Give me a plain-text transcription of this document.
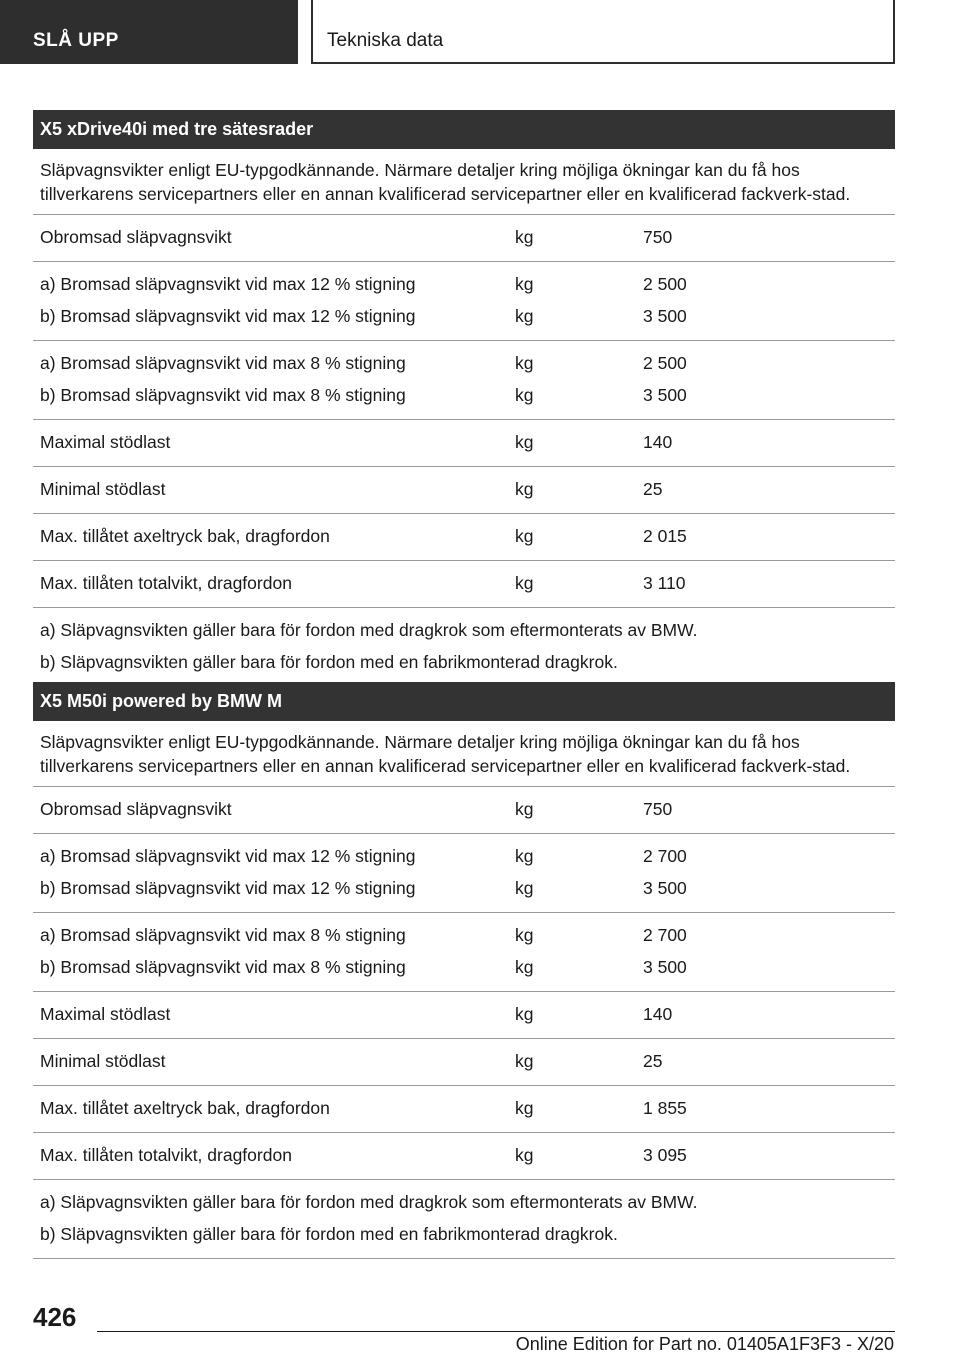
SLÅ UPP	Tekniska data
X5 xDrive40i med tre sätesrader
Släpvagnsvikter enligt EU-typgodkännande. Närmare detaljer kring möjliga ökningar kan du få hos tillverkarens servicepartners eller en annan kvalificerad servicepartner eller en kvalificerad fackverk-stad.
Obromsad släpvagnsvikt	kg	750
a) Bromsad släpvagnsvikt vid max 12 % stigning	kg	2 500
b) Bromsad släpvagnsvikt vid max 12 % stigning	kg	3 500
a) Bromsad släpvagnsvikt vid max 8 % stigning	kg	2 500
b) Bromsad släpvagnsvikt vid max 8 % stigning	kg	3 500
Maximal stödlast	kg	140
Minimal stödlast	kg	25
Max. tillåtet axeltryck bak, dragfordon	kg	2 015
Max. tillåten totalvikt, dragfordon	kg	3 110
a) Släpvagnsvikten gäller bara för fordon med dragkrok som eftermonterats av BMW.
b) Släpvagnsvikten gäller bara för fordon med en fabrikmonterad dragkrok.
X5 M50i powered by BMW M
Släpvagnsvikter enligt EU-typgodkännande. Närmare detaljer kring möjliga ökningar kan du få hos tillverkarens servicepartners eller en annan kvalificerad servicepartner eller en kvalificerad fackverk-stad.
Obromsad släpvagnsvikt	kg	750
a) Bromsad släpvagnsvikt vid max 12 % stigning	kg	2 700
b) Bromsad släpvagnsvikt vid max 12 % stigning	kg	3 500
a) Bromsad släpvagnsvikt vid max 8 % stigning	kg	2 700
b) Bromsad släpvagnsvikt vid max 8 % stigning	kg	3 500
Maximal stödlast	kg	140
Minimal stödlast	kg	25
Max. tillåtet axeltryck bak, dragfordon	kg	1 855
Max. tillåten totalvikt, dragfordon	kg	3 095
a) Släpvagnsvikten gäller bara för fordon med dragkrok som eftermonterats av BMW.
b) Släpvagnsvikten gäller bara för fordon med en fabrikmonterad dragkrok.
426
Online Edition for Part no. 01405A1F3F3 - X/20
